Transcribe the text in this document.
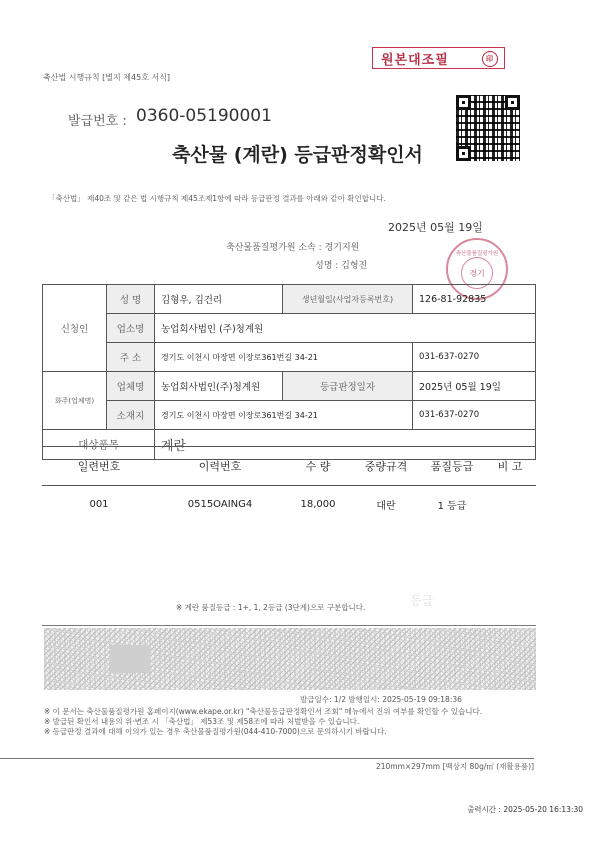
축산법 시행규칙 [별지 제45호 서식]
원본대조필	印
발급번호 : 0360-05190001
축산물 (계란) 등급판정확인서
「축산법」 제40조 및 같은 법 시행규칙 제45조제1항에 따라 등급판정 결과를 아래와 같이 확인합니다.
2025년 05월 19일
축산물품질평가원 소속 : 경기지원
성명 : 김형진
축산물품질평가원
경기
신청인	성 명	김형우, 김건리	생년월일(사업자등록번호)	126-81-92835
	업소명	농업회사법인 (주)청계원		
	주 소	경기도 이천시 마장면 이장로361번길 34-21		031-637-0270
화주(업체명)	업체명	농업회사법인(주)청계원	등급판정일자	2025년 05월 19일
	소재지	경기도 이천시 마장면 이장로361번길 34-21		031-637-0270
대상품목		계란		
일련번호	이력번호	수 량	중량규격	품질등급	비 고
001	0515OAING4	18,000	대란	1 등급
등급
※ 계란 품질등급 : 1+, 1, 2등급 (3단계)으로 구분합니다.
발급일수: 1/2 발행일시: 2025-05-19 09:18:36
※ 이 문서는 축산물품질평가원 홈페이지(www.ekape.or.kr) "축산물등급판정확인서 조회" 메뉴에서 진위 여부를 확인할 수 있습니다.
※ 발급된 확인서 내용의 위·변조 시 「축산법」 제53조 및 제58조에 따라 처벌받을 수 있습니다.
※ 등급판정 결과에 대해 이의가 있는 경우 축산물품질평가원(044-410-7000)으로 문의하시기 바랍니다.
210mm×297mm [백상지 80g/㎡ (재활용품)]
출력시간 : 2025-05-20 16:13:30
